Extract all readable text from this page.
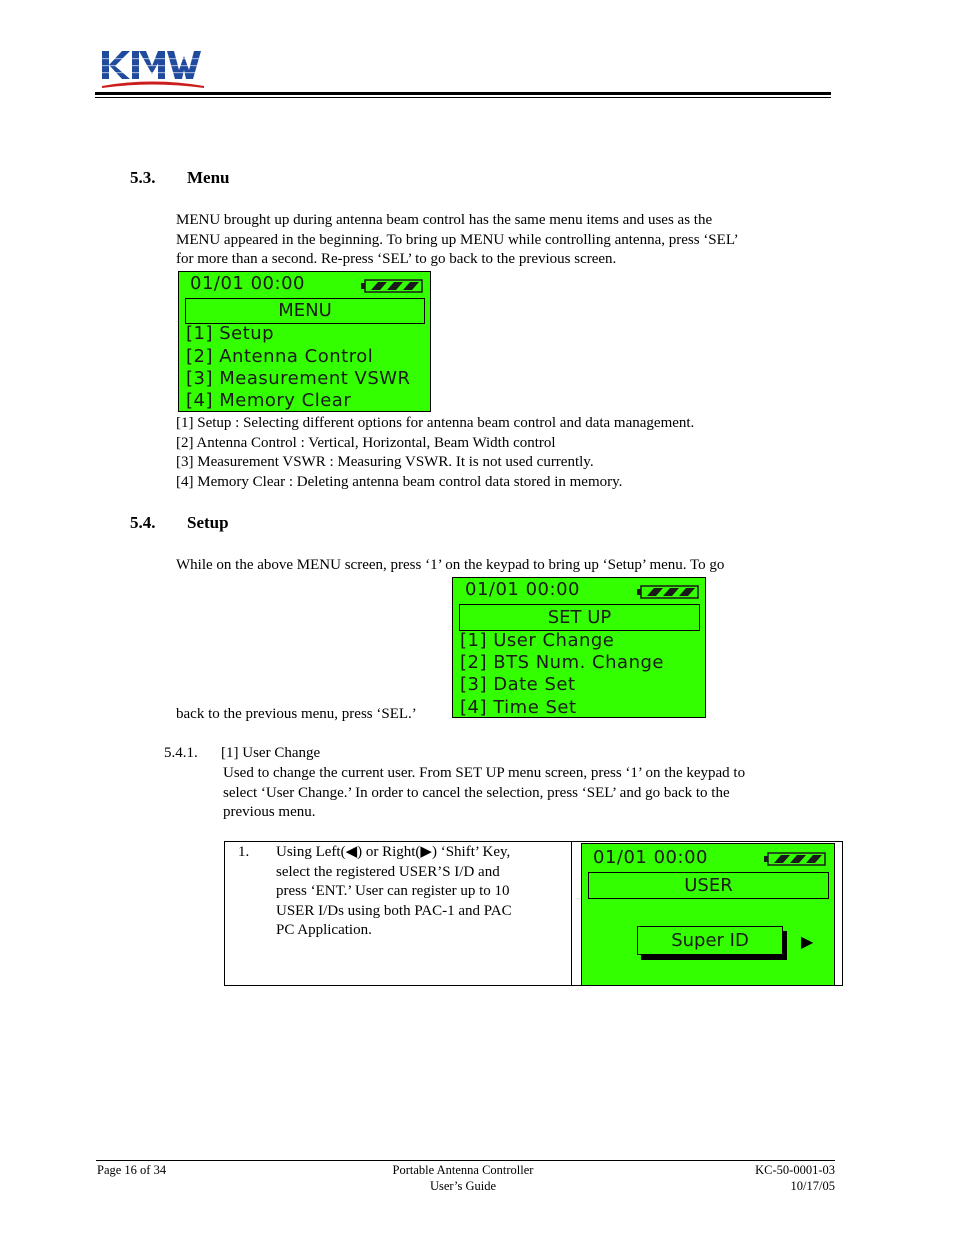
5.3. Menu
MENU brought up during antenna beam control has the same menu items and uses as the
MENU appeared in the beginning. To bring up MENU while controlling antenna, press ‘SEL’
for more than a second. Re-press ‘SEL’ to go back to the previous screen.
01/01 00:00
MENU
[1] Setup
[2] Antenna Control
[3] Measurement VSWR
[4] Memory Clear
[1] Setup : Selecting different options for antenna beam control and data management.
[2] Antenna Control : Vertical, Horizontal, Beam Width control
[3] Measurement VSWR : Measuring VSWR. It is not used currently.
[4] Memory Clear : Deleting antenna beam control data stored in memory.
5.4. Setup
While on the above MENU screen, press ‘1’ on the keypad to bring up ‘Setup’ menu. To go
01/01 00:00
SET UP
[1] User Change
[2] BTS Num. Change
[3] Date Set
[4] Time Set
back to the previous menu, press ‘SEL.’
5.4.1. [1] User Change
Used to change the current user. From SET UP menu screen, press ‘1’ on the keypad to
select ‘User Change.’ In order to cancel the selection, press ‘SEL’ and go back to the
previous menu.
1. Using Left(◀) or Right(▶) ‘Shift’ Key,
select the registered USER’S I/D and
press ‘ENT.’ User can register up to 10
USER I/Ds using both PAC-1 and PAC
PC Application.
01/01 00:00
USER
Super ID	▶
Page 16 of 34	Portable Antenna Controller
User’s Guide
KC-50-0001-03
10/17/05
